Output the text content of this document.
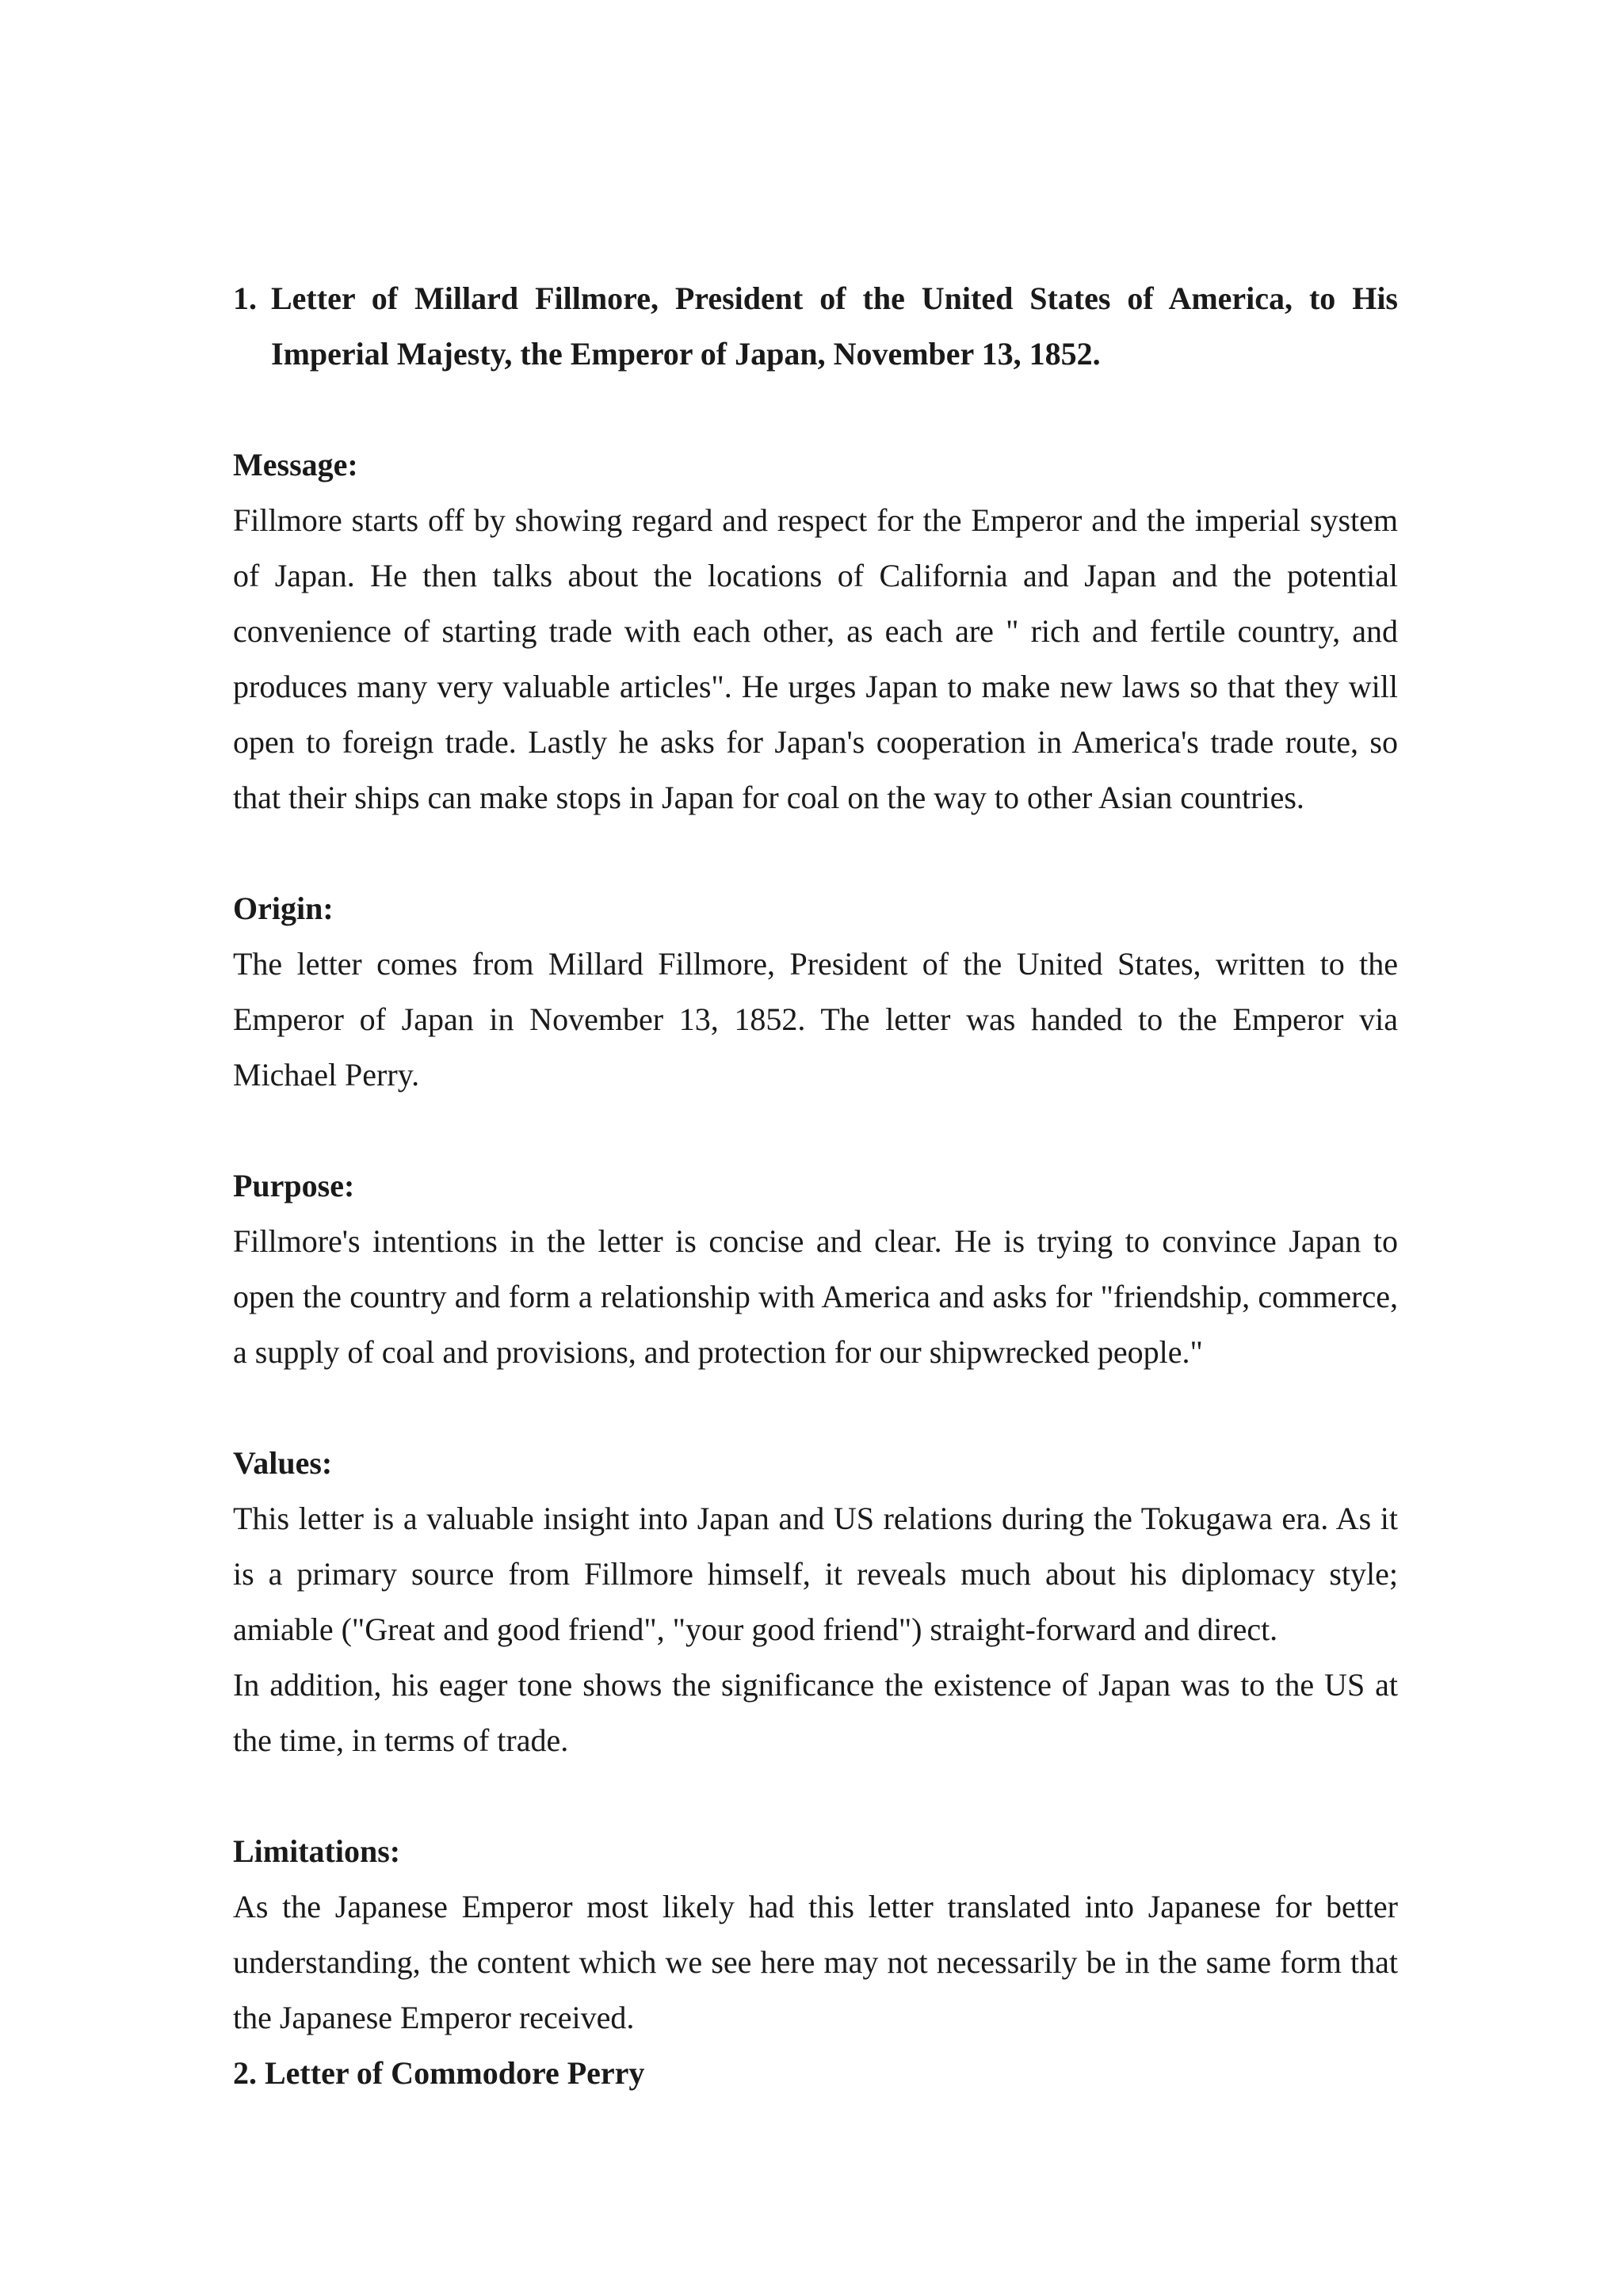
1. Letter of Millard Fillmore, President of the United States of America, to His Imperial Majesty, the Emperor of Japan, November 13, 1852.

Message:

Fillmore starts off by showing regard and respect for the Emperor and the imperial system of Japan. He then talks about the locations of California and Japan and the potential convenience of starting trade with each other, as each are " rich and fertile country, and produces many very valuable articles". He urges Japan to make new laws so that they will open to foreign trade. Lastly he asks for Japan's cooperation in America's trade route, so that their ships can make stops in Japan for coal on the way to other Asian countries.

Origin:

The letter comes from Millard Fillmore, President of the United States, written to the Emperor of Japan in November 13, 1852. The letter was handed to the Emperor via Michael Perry.

Purpose:

Fillmore's intentions in the letter is concise and clear. He is trying to convince Japan to open the country and form a relationship with America and asks for "friendship, commerce, a supply of coal and provisions, and protection for our shipwrecked people."

Values:

This letter is a valuable insight into Japan and US relations during the Tokugawa era. As it is a primary source from Fillmore himself, it reveals much about his diplomacy style; amiable ("Great and good friend", "your good friend") straight-forward and direct.

In addition, his eager tone shows the significance the existence of Japan was to the US at the time, in terms of trade.

Limitations:

As the Japanese Emperor most likely had this letter translated into Japanese for better understanding, the content which we see here may not necessarily be in the same form that the Japanese Emperor received.

2. Letter of Commodore Perry
